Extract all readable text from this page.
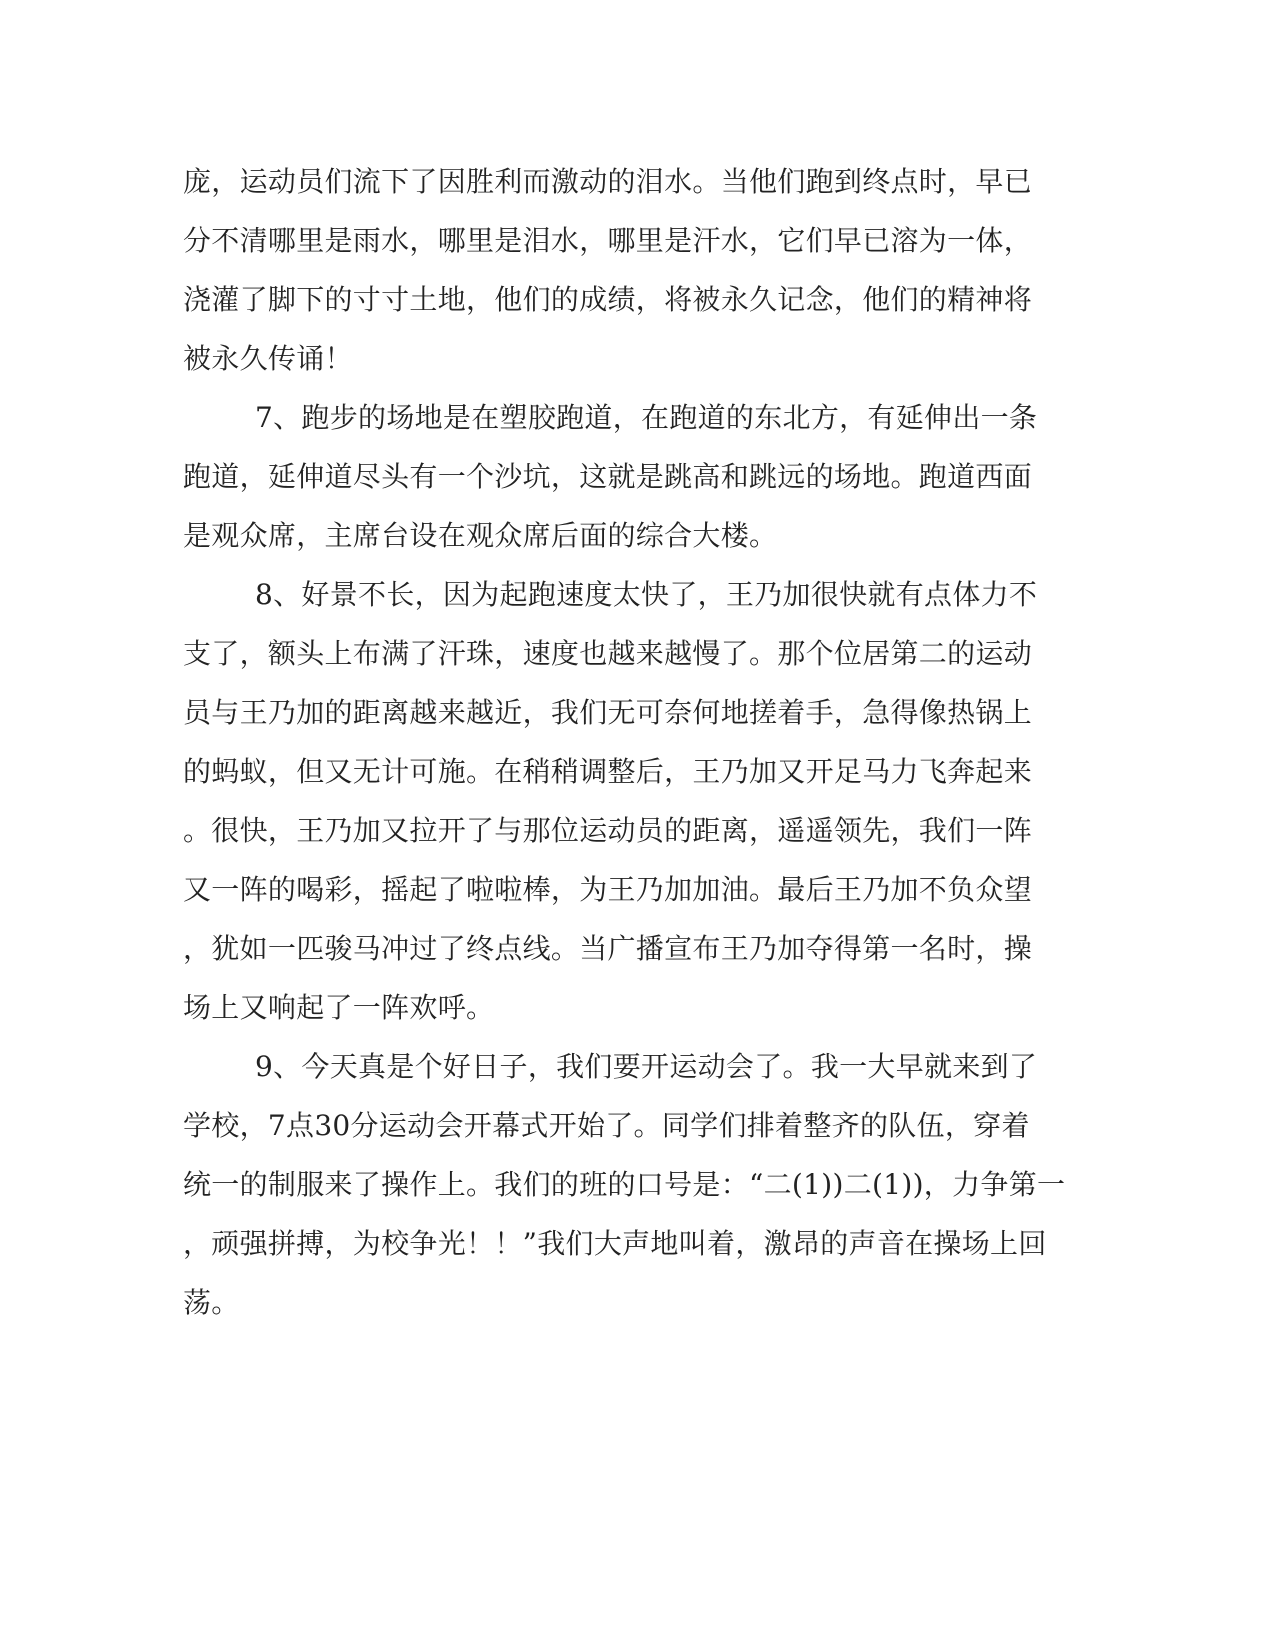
庞，运动员们流下了因胜利而激动的泪水。当他们跑到终点时，早已
分不清哪里是雨水，哪里是泪水，哪里是汗水，它们早已溶为一体，
浇灌了脚下的寸寸土地，他们的成绩，将被永久记念，他们的精神将
被永久传诵！

7、跑步的场地是在塑胶跑道，在跑道的东北方，有延伸出一条
跑道，延伸道尽头有一个沙坑，这就是跳高和跳远的场地。跑道西面
是观众席，主席台设在观众席后面的综合大楼。

8、好景不长，因为起跑速度太快了，王乃加很快就有点体力不
支了，额头上布满了汗珠，速度也越来越慢了。那个位居第二的运动
员与王乃加的距离越来越近，我们无可奈何地搓着手，急得像热锅上
的蚂蚁，但又无计可施。在稍稍调整后，王乃加又开足马力飞奔起来
。很快，王乃加又拉开了与那位运动员的距离，遥遥领先，我们一阵
又一阵的喝彩，摇起了啦啦棒，为王乃加加油。最后王乃加不负众望
，犹如一匹骏马冲过了终点线。当广播宣布王乃加夺得第一名时，操
场上又响起了一阵欢呼。

9、今天真是个好日子，我们要开运动会了。我一大早就来到了
学校，7点30分运动会开幕式开始了。同学们排着整齐的队伍，穿着
统一的制服来了操作上。我们的班的口号是：“二(1))二(1))，力争第一
，顽强拼搏，为校争光！！”我们大声地叫着，激昂的声音在操场上回
荡。
